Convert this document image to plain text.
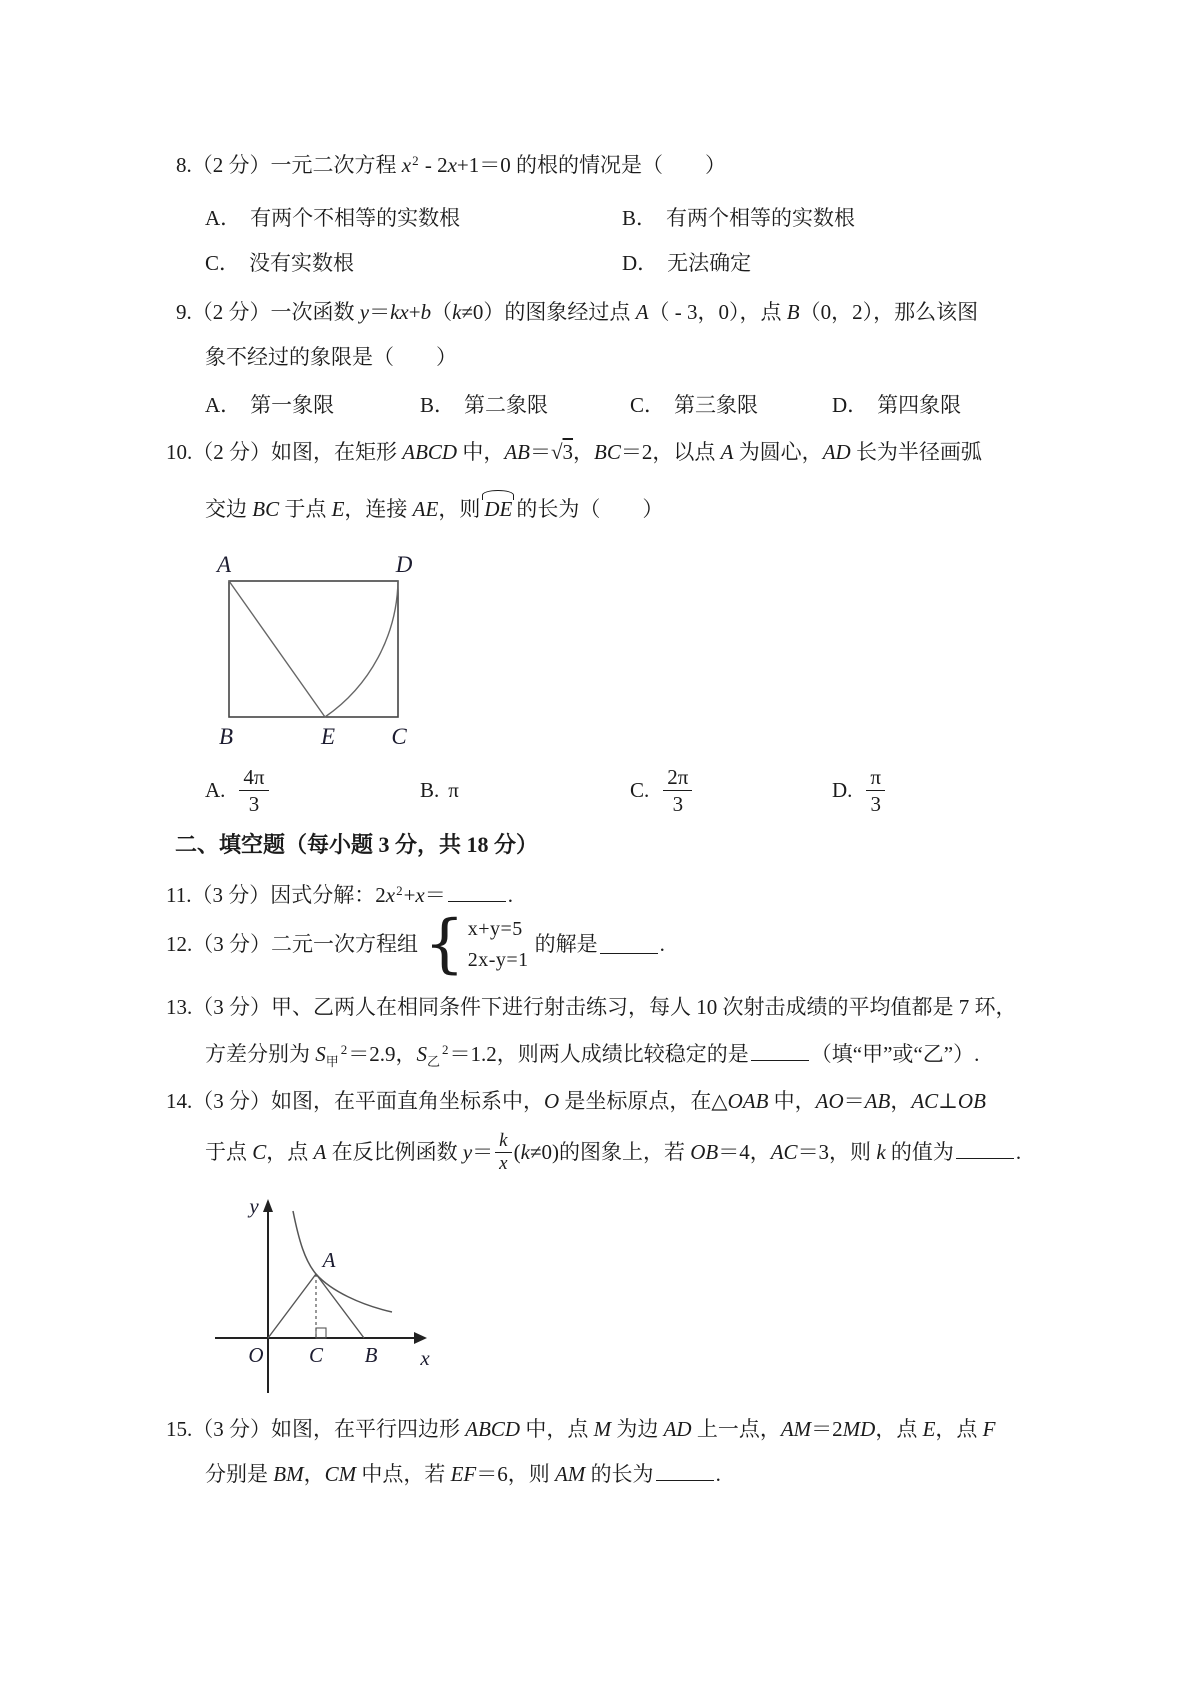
8.（2 分）一元二次方程 $x^2 - 2x+1=0$ 的根的情况是（　　）
A． 有两个不相等的实数根	B． 有两个相等的实数根
C． 没有实数根	D． 无法确定
9.（2 分）一次函数 y＝kx+b（k≠0）的图象经过点 A（ - 3，0），点 B（0，2），那么该图
象不经过的象限是（　　）
A． 第一象限	B． 第二象限	C． 第三象限	D． 第四象限
10.（2 分）如图，在矩形 ABCD 中，AB＝√3，BC＝2，以点 A 为圆心，AD 长为半径画弧
交边 BC 于点 E，连接 AE，则 DE 的长为（　　）
A	D
B	E C
A. $\frac{4\pi}{3}$	B. π	C. $\frac{2\pi}{3}$	D. $\frac{\pi}{3}$
二、填空题（每小题 3 分，共 18 分）
11.（3 分）因式分解：$2x^2+x=$	.
12.（3 分）二元一次方程组 { x+y=5
2x-y=1
的解是	.
13.（3 分）甲、乙两人在相同条件下进行射击练习，每人 10 次射击成绩的平均值都是 7 环，
方差分别为 $S_甲^2=2.9$，$S_乙^2=1.2$，则两人成绩比较稳定的是	（填“甲”或“乙”）.
14.（3 分）如图，在平面直角坐标系中，O 是坐标原点，在△OAB 中，AO＝AB，AC⊥OB
于点 C，点 A 在反比例函数 $y= \frac{k}{x} (k\ne 0)$的图象上，若 OB＝4，AC＝3，则 k 的值为	.
y
x
O C B
A
15.（3 分）如图，在平行四边形 ABCD 中，点 M 为边 AD 上一点，AM＝2MD，点 E，点 F
分别是 BM，CM 中点，若 EF＝6，则 AM 的长为	.
